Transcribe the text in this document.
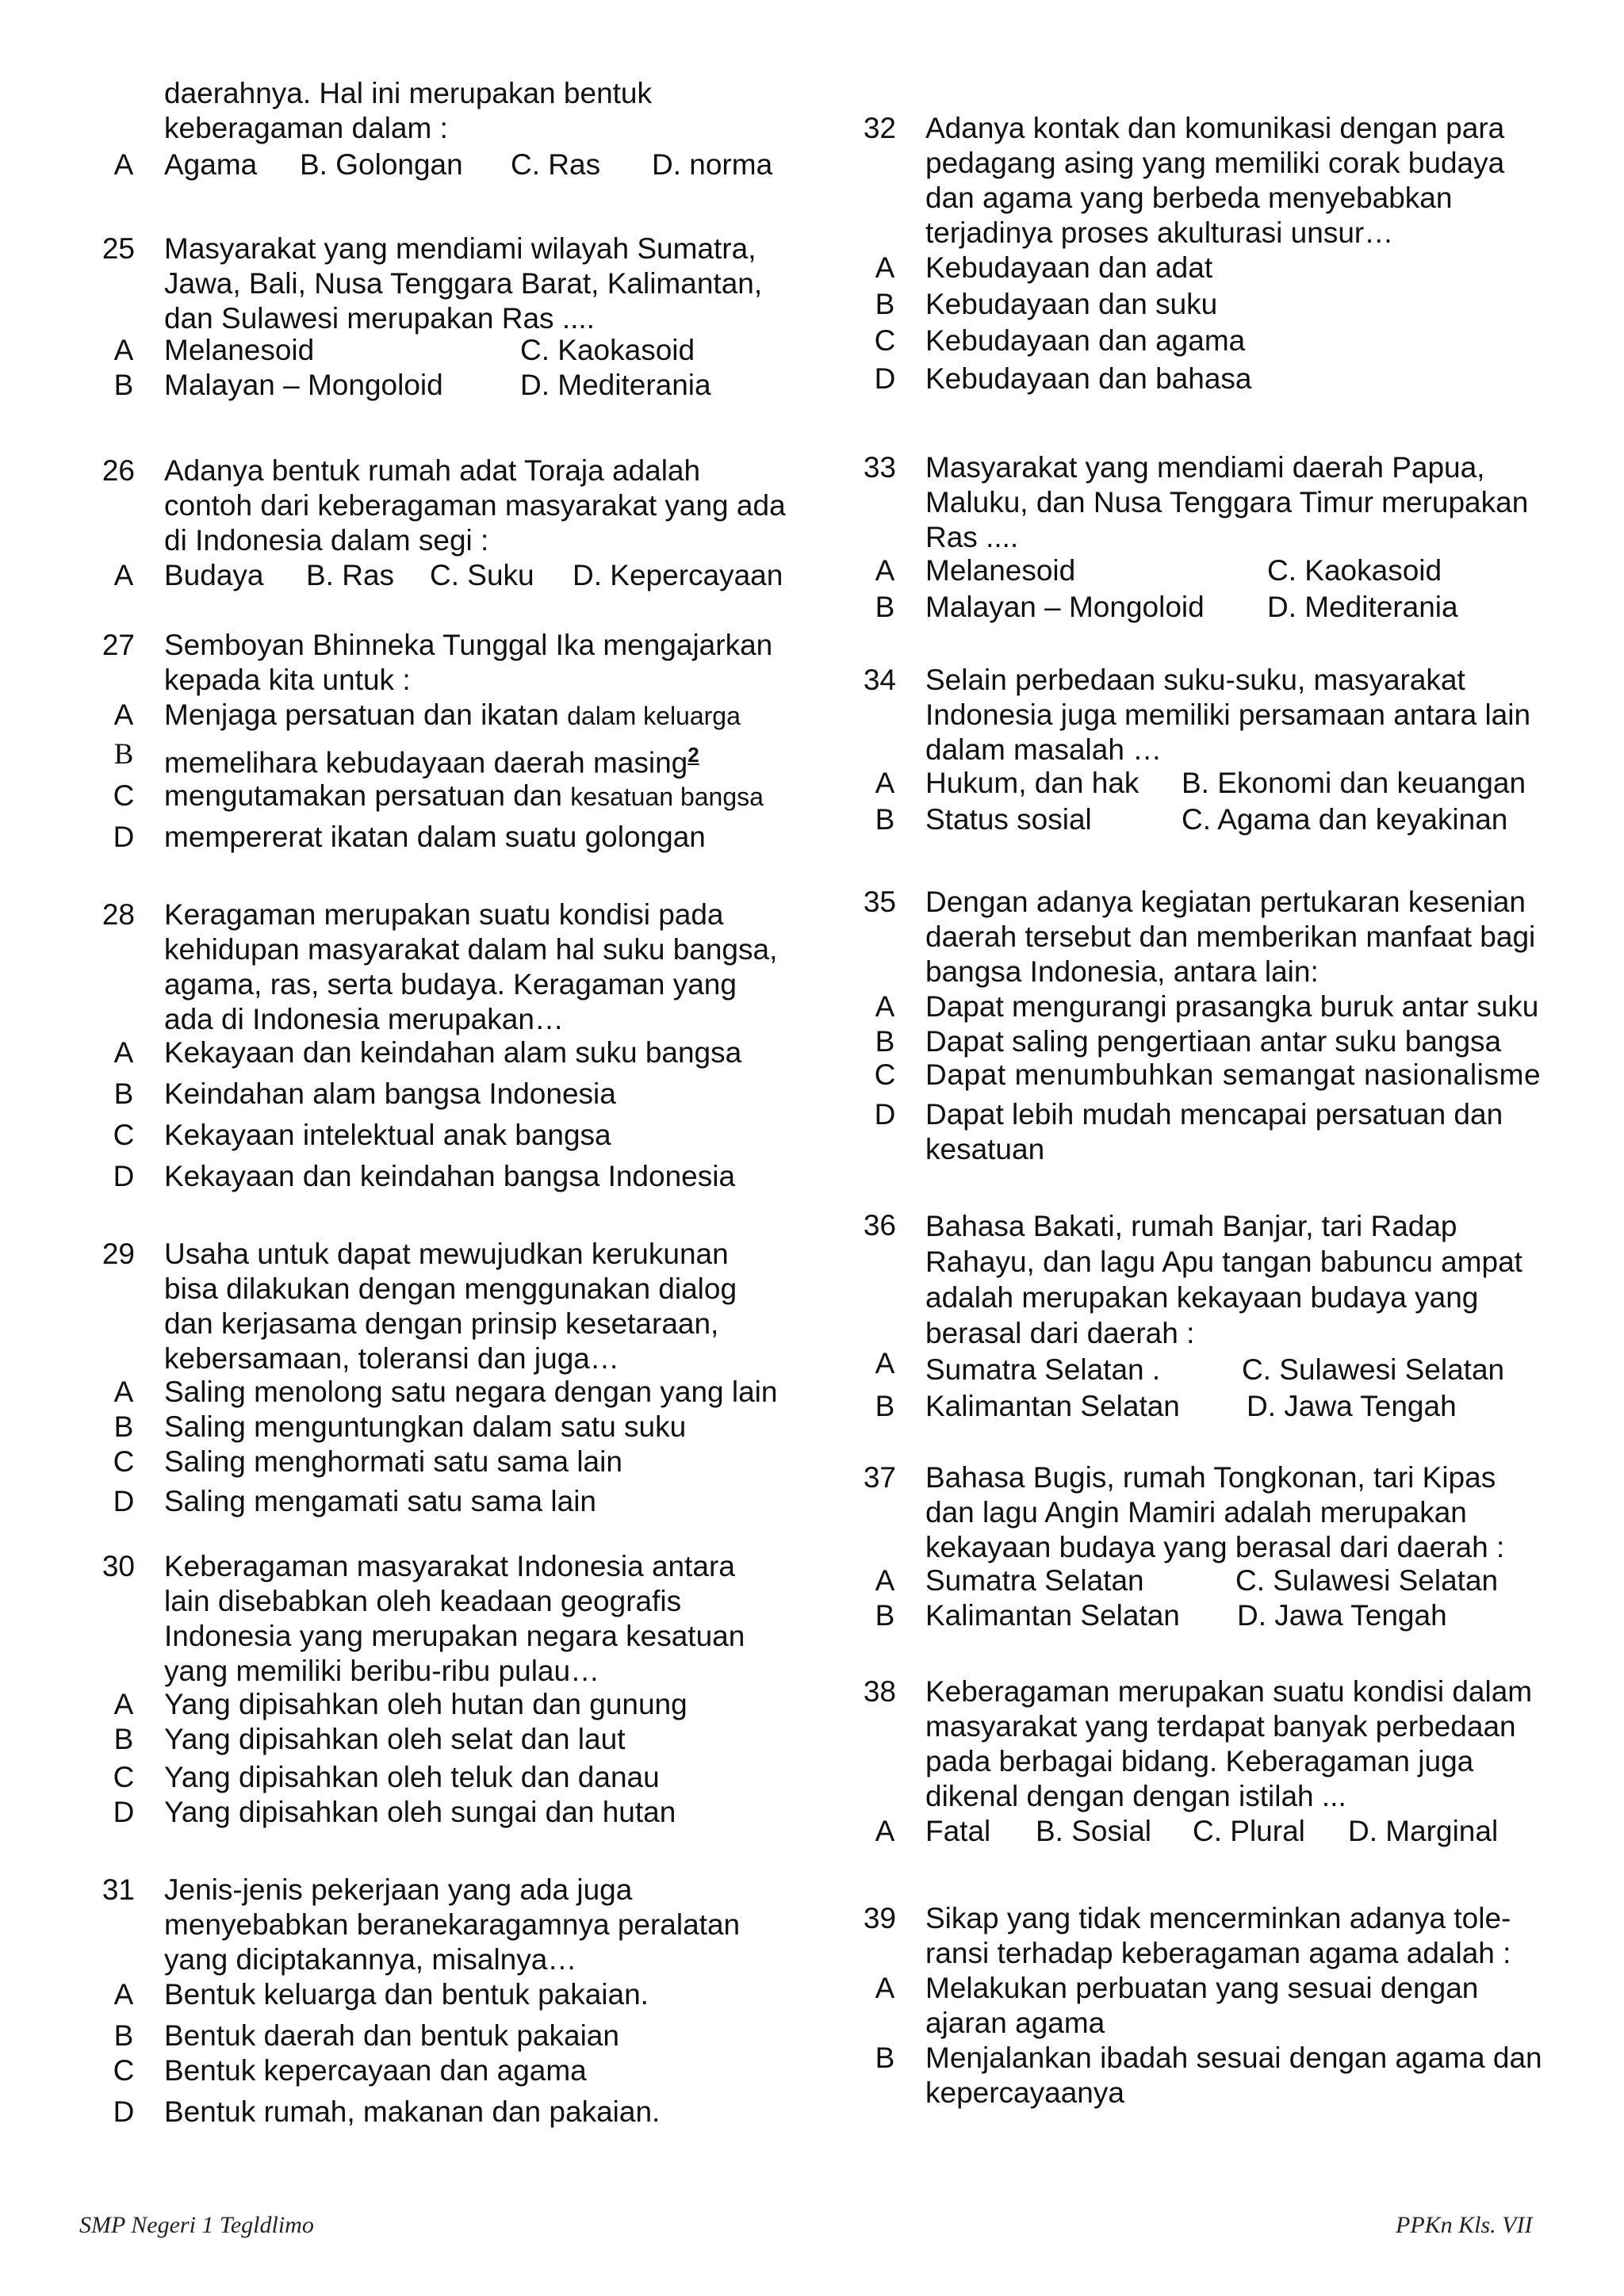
daerahnya. Hal ini merupakan bentuk
keberagaman dalam :
A Agama B. Golongan C. Ras D. norma
25 Masyarakat yang mendiami wilayah Sumatra,
Jawa, Bali, Nusa Tenggara Barat, Kalimantan,
dan Sulawesi merupakan Ras ....
A Melanesoid	C. Kaokasoid
B Malayan – Mongoloid	D. Mediterania
26 Adanya bentuk rumah adat Toraja adalah
contoh dari keberagaman masyarakat yang ada
di Indonesia dalam segi :
A Budaya B. Ras C. Suku D. Kepercayaan
27 Semboyan Bhinneka Tunggal Ika mengajarkan
kepada kita untuk :
A Menjaga persatuan dan ikatan dalam keluarga
B memelihara kebudayaan daerah masing$^2$
C mengutamakan persatuan dan kesatuan bangsa
D mempererat ikatan dalam suatu golongan
28 Keragaman merupakan suatu kondisi pada
kehidupan masyarakat dalam hal suku bangsa,
agama, ras, serta budaya. Keragaman yang
ada di Indonesia merupakan…
A Kekayaan dan keindahan alam suku bangsa
B Keindahan alam bangsa Indonesia
C Kekayaan intelektual anak bangsa
D Kekayaan dan keindahan bangsa Indonesia
29 Usaha untuk dapat mewujudkan kerukunan
bisa dilakukan dengan menggunakan dialog
dan kerjasama dengan prinsip kesetaraan,
kebersamaan, toleransi dan juga…
A Saling menolong satu negara dengan yang lain
B Saling menguntungkan dalam satu suku
C Saling menghormati satu sama lain
D Saling mengamati satu sama lain
30 Keberagaman masyarakat Indonesia antara
lain disebabkan oleh keadaan geografis
Indonesia yang merupakan negara kesatuan
yang memiliki beribu-ribu pulau…
A Yang dipisahkan oleh hutan dan gunung
B Yang dipisahkan oleh selat dan laut
C Yang dipisahkan oleh teluk dan danau
D Yang dipisahkan oleh sungai dan hutan
31 Jenis-jenis pekerjaan yang ada juga
menyebabkan beranekaragamnya peralatan
yang diciptakannya, misalnya…
A Bentuk keluarga dan bentuk pakaian.
B Bentuk daerah dan bentuk pakaian
C Bentuk kepercayaan dan agama
D Bentuk rumah, makanan dan pakaian.
32 Adanya kontak dan komunikasi dengan para
pedagang asing yang memiliki corak budaya
dan agama yang berbeda menyebabkan
terjadinya proses akulturasi unsur…
A Kebudayaan dan adat
B Kebudayaan dan suku
C Kebudayaan dan agama
D Kebudayaan dan bahasa
33 Masyarakat yang mendiami daerah Papua,
Maluku, dan Nusa Tenggara Timur merupakan
Ras ....
A Melanesoid	C. Kaokasoid
B Malayan – Mongoloid D. Mediterania
34 Selain perbedaan suku-suku, masyarakat
Indonesia juga memiliki persamaan antara lain
dalam masalah …
A Hukum, dan hak B. Ekonomi dan keuangan
B Status sosial	C. Agama dan keyakinan
35 Dengan adanya kegiatan pertukaran kesenian
daerah tersebut dan memberikan manfaat bagi
bangsa Indonesia, antara lain:
A Dapat mengurangi prasangka buruk antar suku
B Dapat saling pengertiaan antar suku bangsa
C Dapat menumbuhkan semangat nasionalisme
D Dapat lebih mudah mencapai persatuan dan
kesatuan
36 Bahasa Bakati, rumah Banjar, tari Radap
Rahayu, dan lagu Apu tangan babuncu ampat
adalah merupakan kekayaan budaya yang
berasal dari daerah :
A Sumatra Selatan .	C. Sulawesi Selatan
B Kalimantan Selatan D. Jawa Tengah
37 Bahasa Bugis, rumah Tongkonan, tari Kipas
dan lagu Angin Mamiri adalah merupakan
kekayaan budaya yang berasal dari daerah :
A Sumatra Selatan	C. Sulawesi Selatan
B Kalimantan Selatan D. Jawa Tengah
38 Keberagaman merupakan suatu kondisi dalam
masyarakat yang terdapat banyak perbedaan
pada berbagai bidang. Keberagaman juga
dikenal dengan dengan istilah ...
A Fatal B. Sosial C. Plural D. Marginal
39 Sikap yang tidak mencerminkan adanya tole-
ransi terhadap keberagaman agama adalah :
A Melakukan perbuatan yang sesuai dengan
ajaran agama
B Menjalankan ibadah sesuai dengan agama dan
kepercayaanya
SMP Negeri 1 Tegldlimo	PPKn Kls. VII
